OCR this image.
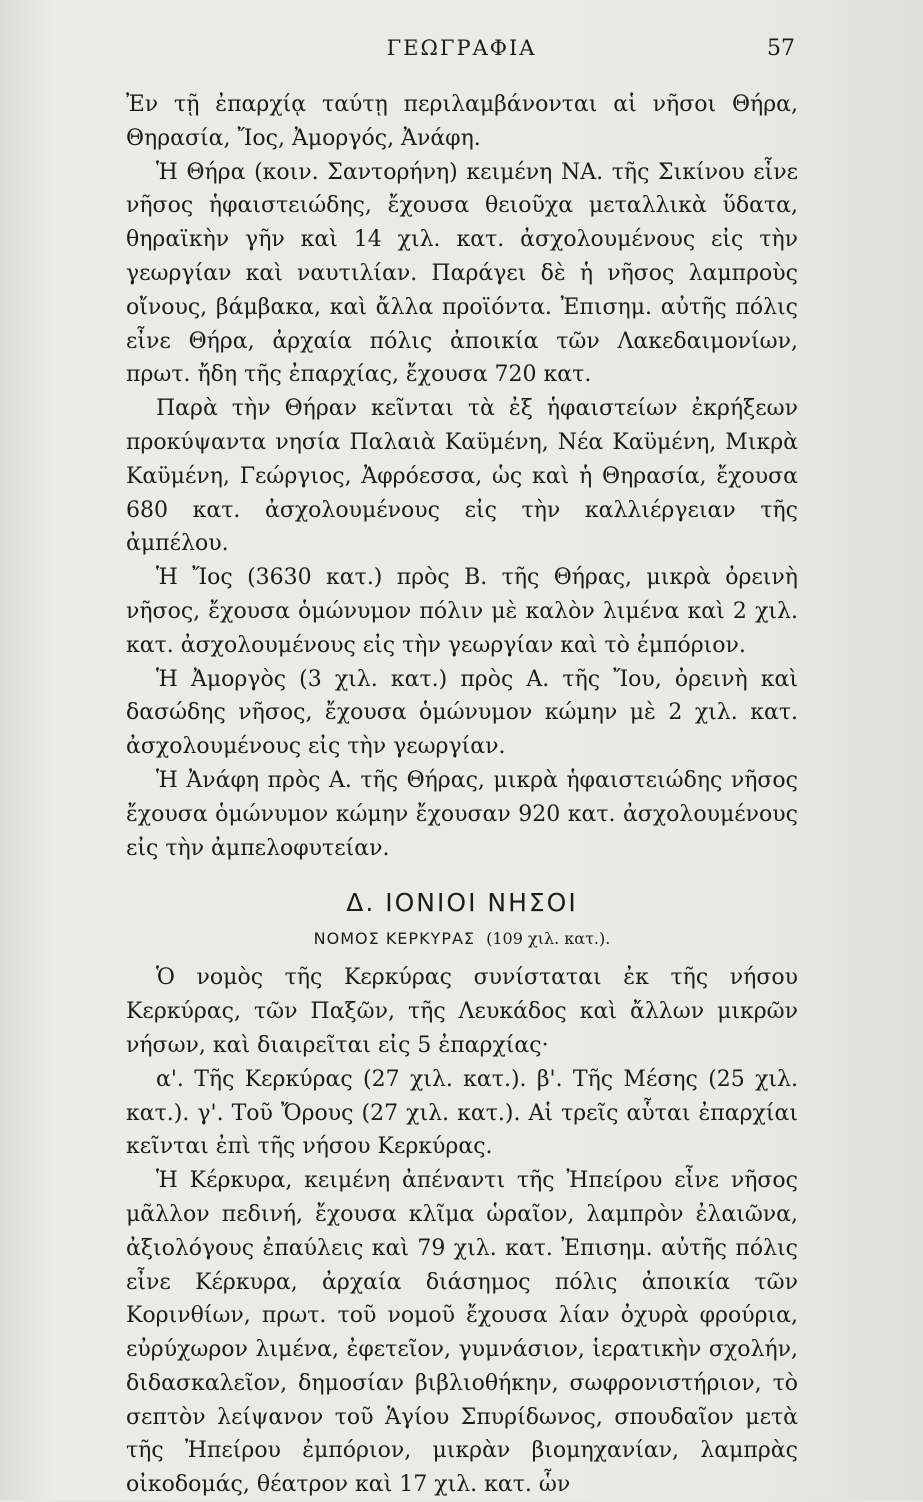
ΓΕΩΓΡΑΦΙΑ	57

Ἐν τῇ ἐπαρχίᾳ ταύτῃ περιλαμβάνονται αἱ νῆσοι Θήρα, Θηρασία, Ἴος, Ἀμοργός, Ἀνάφη.

Ἡ Θήρα (κοιν. Σαντορήνη) κειμένη ΝΑ. τῆς Σικίνου εἶνε νῆσος ἡφαιστειώδης, ἔχουσα θειοῦχα μεταλλικὰ ὕδατα, θηραϊκὴν γῆν καὶ 14 χιλ. κατ. ἀσχολουμένους εἰς τὴν γεωργίαν καὶ ναυτιλίαν. Παράγει δὲ ἡ νῆσος λαμπροὺς οἴνους, βάμβακα, καὶ ἄλλα προϊόντα. Ἐπισημ. αὐτῆς πόλις εἶνε Θήρα, ἀρχαία πόλις ἀποικία τῶν Λακεδαιμονίων, πρωτ. ἤδη τῆς ἐπαρχίας, ἔχουσα 720 κατ.

Παρὰ τὴν Θήραν κεῖνται τὰ ἐξ ἡφαιστείων ἐκρήξεων προκύψαντα νησία Παλαιὰ Καϋμένη, Νέα Καϋμένη, Μικρὰ Καϋμένη, Γεώργιος, Ἀφρόεσσα, ὡς καὶ ἡ Θηρασία, ἔχουσα 680 κατ. ἀσχολουμένους εἰς τὴν καλλιέργειαν τῆς ἀμπέλου.

Ἡ Ἴος (3630 κατ.) πρὸς Β. τῆς Θήρας, μικρὰ ὀρεινὴ νῆσος, ἔχουσα ὁμώνυμον πόλιν μὲ καλὸν λιμένα καὶ 2 χιλ. κατ. ἀσχολουμένους εἰς τὴν γεωργίαν καὶ τὸ ἐμπόριον.

Ἡ Ἀμοργὸς (3 χιλ. κατ.) πρὸς Α. τῆς Ἴου, ὀρεινὴ καὶ δασώδης νῆσος, ἔχουσα ὁμώνυμον κώμην μὲ 2 χιλ. κατ. ἀσχολουμένους εἰς τὴν γεωργίαν.

Ἡ Ἀνάφη πρὸς Α. τῆς Θήρας, μικρὰ ἡφαιστειώδης νῆσος ἔχουσα ὁμώνυμον κώμην ἔχουσαν 920 κατ. ἀσχολουμένους εἰς τὴν ἀμπελοφυτείαν.

Δ. ΙΟΝΙΟΙ ΝΗΣΟΙ
ΝΟΜΟΣ ΚΕΡΚΥΡΑΣ (109 χιλ. κατ.).

Ὁ νομὸς τῆς Κερκύρας συνίσταται ἐκ τῆς νήσου Κερκύρας, τῶν Παξῶν, τῆς Λευκάδος καὶ ἄλλων μικρῶν νήσων, καὶ διαιρεῖται εἰς 5 ἐπαρχίας·

α'. Τῆς Κερκύρας (27 χιλ. κατ.). β'. Τῆς Μέσης (25 χιλ. κατ.). γ'. Τοῦ Ὄρους (27 χιλ. κατ.). Αἱ τρεῖς αὗται ἐπαρχίαι κεῖνται ἐπὶ τῆς νήσου Κερκύρας.

Ἡ Κέρκυρα, κειμένη ἀπέναντι τῆς Ἠπείρου εἶνε νῆσος μᾶλλον πεδινή, ἔχουσα κλῖμα ὡραῖον, λαμπρὸν ἐλαιῶνα, ἀξιολόγους ἐπαύλεις καὶ 79 χιλ. κατ. Ἐπισημ. αὐτῆς πόλις εἶνε Κέρκυρα, ἀρχαία διάσημος πόλις ἀποικία τῶν Κορινθίων, πρωτ. τοῦ νομοῦ ἔχουσα λίαν ὀχυρὰ φρούρια, εὐρύχωρον λιμένα, ἐφετεῖον, γυμνάσιον, ἱερατικὴν σχολήν, διδασκαλεῖον, δημοσίαν βιβλιοθήκην, σωφρονιστήριον, τὸ σεπτὸν λείψανον τοῦ Ἁγίου Σπυρίδωνος, σπουδαῖον μετὰ τῆς Ἠπείρου ἐμπόριον, μικρὰν βιομηχανίαν, λαμπρὰς οἰκοδομάς, θέατρον καὶ 17 χιλ. κατ. ὧν
